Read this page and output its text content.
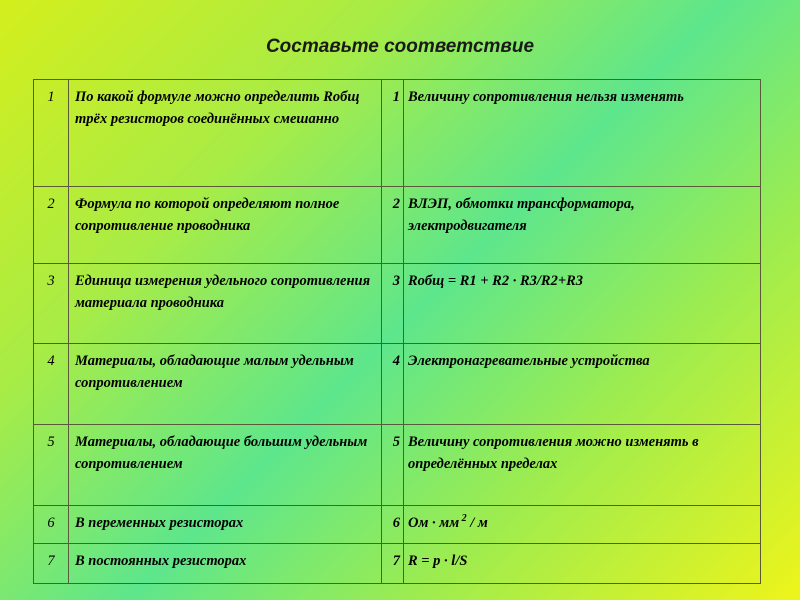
Составьте соответствие
1	По какой формуле можно определить Rобщ трёх резисторов соединённых смешанно	1	Величину сопротивления нельзя изменять
2	Формула по которой определяют полное сопротивление проводника	2	ВЛЭП, обмотки трансформатора, электродвигателя
3	Единица измерения удельного сопротивления материала проводника	3	Rобщ = R1 + R2 · R3/R2+R3
4	Материалы, обладающие малым удельным сопротивлением	4	Электронагревательные устройства
5	Материалы, обладающие большим удельным сопротивлением	5	Величину сопротивления можно изменять в определённых пределах
6	В переменных резисторах	6	Ом · мм $^2$ / м
7	В постоянных резисторах	7	R = p · l/S
